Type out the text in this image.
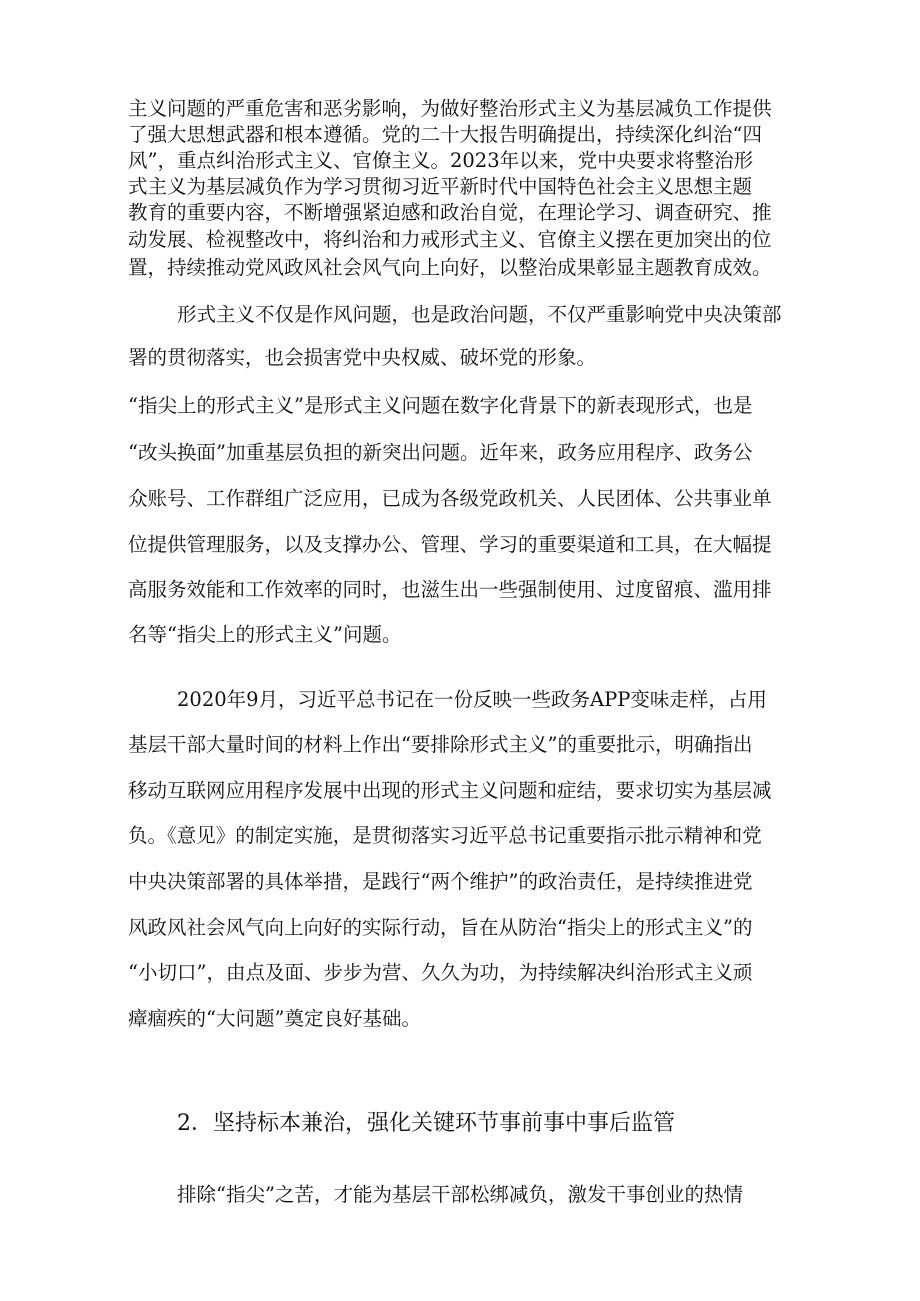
主义问题的严重危害和恶劣影响，为做好整治形式主义为基层减负工作提供
了强大思想武器和根本遵循。党的二十大报告明确提出，持续深化纠治“四
风”，重点纠治形式主义、官僚主义。2023年以来，党中央要求将整治形
式主义为基层减负作为学习贯彻习近平新时代中国特色社会主义思想主题
教育的重要内容，不断增强紧迫感和政治自觉，在理论学习、调查研究、推
动发展、检视整改中，将纠治和力戒形式主义、官僚主义摆在更加突出的位
置，持续推动党风政风社会风气向上向好，以整治成果彰显主题教育成效。
形式主义不仅是作风问题，也是政治问题，不仅严重影响党中央决策部
署的贯彻落实，也会损害党中央权威、破坏党的形象。
“指尖上的形式主义”是形式主义问题在数字化背景下的新表现形式，也是
“改头换面”加重基层负担的新突出问题。近年来，政务应用程序、政务公
众账号、工作群组广泛应用，已成为各级党政机关、人民团体、公共事业单
位提供管理服务，以及支撑办公、管理、学习的重要渠道和工具，在大幅提
高服务效能和工作效率的同时，也滋生出一些强制使用、过度留痕、滥用排
名等“指尖上的形式主义”问题。
2020年9月，习近平总书记在一份反映一些政务APP变味走样，占用
基层干部大量时间的材料上作出“要排除形式主义”的重要批示，明确指出
移动互联网应用程序发展中出现的形式主义问题和症结，要求切实为基层减
负。《意见》的制定实施，是贯彻落实习近平总书记重要指示批示精神和党
中央决策部署的具体举措，是践行“两个维护”的政治责任，是持续推进党
风政风社会风气向上向好的实际行动，旨在从防治“指尖上的形式主义”的
“小切口”，由点及面、步步为营、久久为功，为持续解决纠治形式主义顽
瘴痼疾的“大问题”奠定良好基础。
2．坚持标本兼治，强化关键环节事前事中事后监管
排除“指尖”之苦，才能为基层干部松绑减负，激发干事创业的热情
